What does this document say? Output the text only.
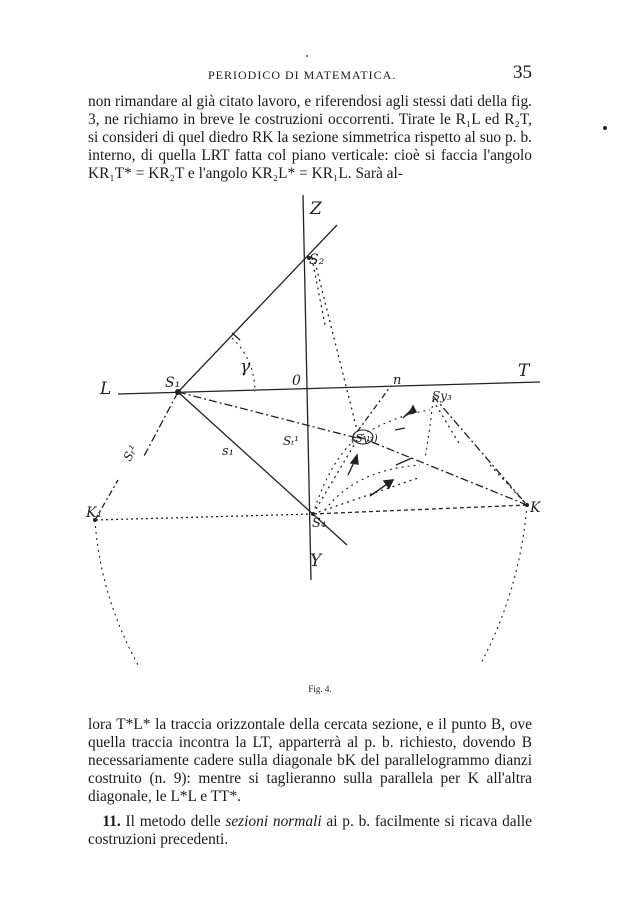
PERIODICO DI MATEMATICA.	35

non rimandare al già citato lavoro, e riferendosi agli stessi dati della fig. 3, ne richiamo in breve le costruzioni occorrenti. Tirate le R₁L ed R₂T, si consideri di quel diedro RK la sezione simmetrica rispetto al suo p. b. interno, di quella LRT fatta col piano verticale: cioè si faccia l'angolo KR₁T* = KR₂T e l'angolo KR₂L* = KR₁L. Sarà al-

Z
S₂
L
T
0	n
S₁
Sy₃
γ
Sₜ¹
Sₜ¹	s₁
(Sy₃)
K₁	K
S₄
Y
Fig. 4.

lora T*L* la traccia orizzontale della cercata sezione, e il punto B, ove quella traccia incontra la LT, apparterrà al p. b. richiesto, dovendo B necessariamente cadere sulla diagonale bK del parallelogrammo dianzi costruito (n. 9): mentre si taglieranno sulla parallela per K all'altra diagonale, le L*L e TT*.

11. Il metodo delle sezioni normali ai p. b. facilmente si ricava dalle costruzioni precedenti.
